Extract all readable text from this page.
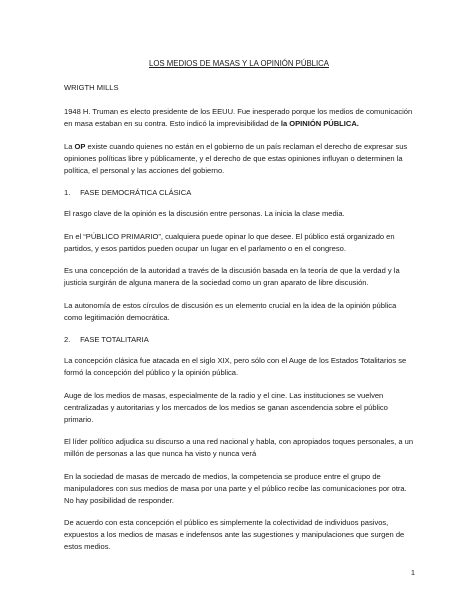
LOS MEDIOS DE MASAS Y LA OPINIÓN PÚBLICA

WRIGTH MILLS

1948 H. Truman es electo presidente de los EEUU. Fue inesperado porque los medios de comunicación en masa estaban en su contra. Esto indicó la imprevisibilidad de la OPINIÓN PÚBLICA.

La OP existe cuando quienes no están en el gobierno de un país reclaman el derecho de expresar sus opiniones políticas libre y públicamente, y el derecho de que estas opiniones influyan o determinen la política, el personal y las acciones del gobierno.

1. FASE DEMOCRÁTICA CLÁSICA

El rasgo clave de la opinión es la discusión entre personas. La inicia la clase media.

En el “PÚBLICO PRIMARIO”, cualquiera puede opinar lo que desee. El público está organizado en partidos, y esos partidos pueden ocupar un lugar en el parlamento o en el congreso.

Es una concepción de la autoridad a través de la discusión basada en la teoría de que la verdad y la justicia surgirán de alguna manera de la sociedad como un gran aparato de libre discusión.

La autonomía de estos círculos de discusión es un elemento crucial en la idea de la opinión pública como legitimación democrática.

2. FASE TOTALITARIA

La concepción clásica fue atacada en el siglo XIX, pero sólo con el Auge de los Estados Totalitarios se formó la concepción del público y la opinión pública.

Auge de los medios de masas, especialmente de la radio y el cine. Las instituciones se vuelven centralizadas y autoritarias y los mercados de los medios se ganan ascendencia sobre el público primario.

El líder político adjudica su discurso a una red nacional y habla, con apropiados toques personales, a un millón de personas a las que nunca ha visto y nunca verá

En la sociedad de masas de mercado de medios, la competencia se produce entre el grupo de manipuladores con sus medios de masa por una parte y el público recibe las comunicaciones por otra. No hay posibilidad de responder.

De acuerdo con esta concepción el público es simplemente la colectividad de individuos pasivos, expuestos a los medios de masas e indefensos ante las sugestiones y manipulaciones que surgen de estos medios.

1
